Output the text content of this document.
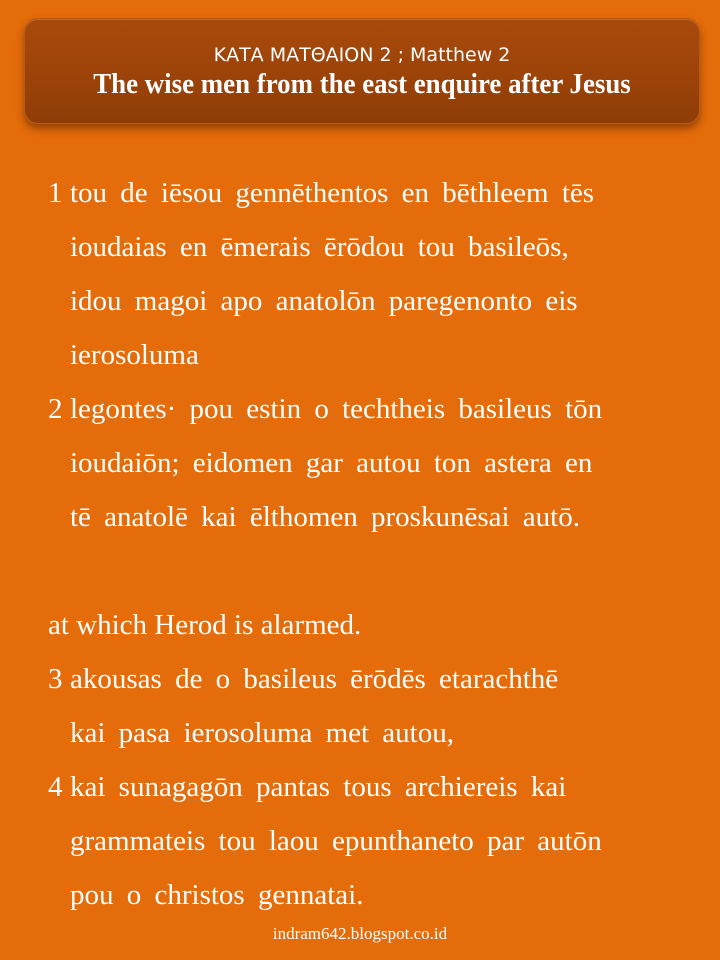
ΚΑΤΑ ΜΑΤΘΑΙΟΝ 2 ; Matthew 2
The wise men from the east enquire after Jesus
1 tou de iēsou gennēthentos en bēthleem tēs
ioudaias en ēmerais ērōdou tou basileōs,
idou magoi apo anatolōn paregenonto eis
ierosoluma
2 legontes· pou estin o techtheis basileus tōn
ioudaiōn; eidomen gar autou ton astera en
tē anatolē kai ēlthomen proskunēsai autō.
at which Herod is alarmed.
3 akousas de o basileus ērōdēs etarachthē
kai pasa ierosoluma met autou,
4 kai sunagagōn pantas tous archiereis kai
grammateis tou laou epunthaneto par autōn
pou o christos gennatai.
indram642.blogspot.co.id
